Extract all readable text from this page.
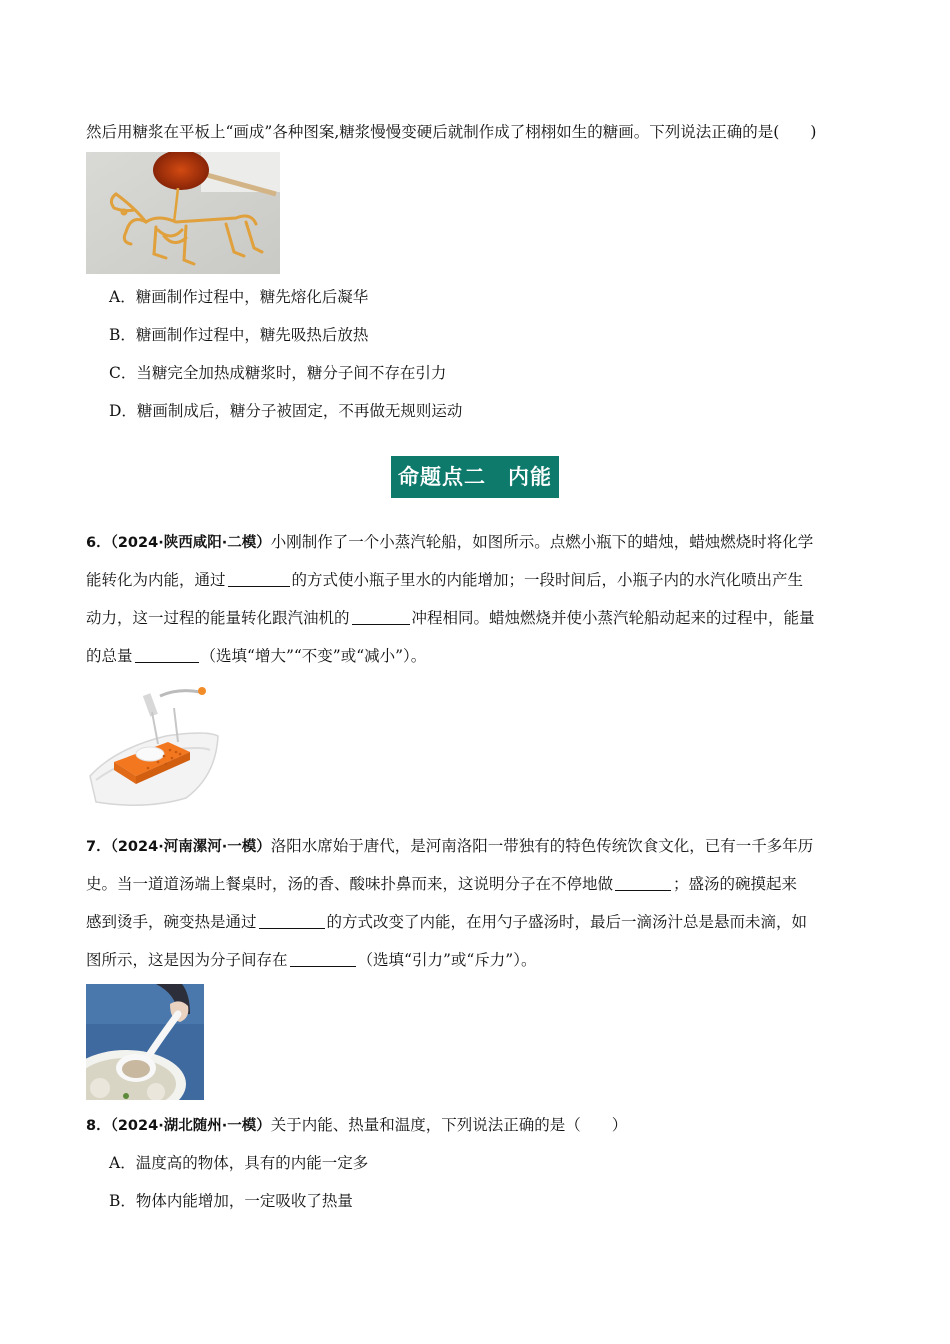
然后用糖浆在平板上“画成”各种图案,糖浆慢慢变硬后就制作成了栩栩如生的糖画。下列说法正确的是(　　)
A．糖画制作过程中，糖先熔化后凝华
B．糖画制作过程中，糖先吸热后放热
C．当糖完全加热成糖浆时，糖分子间不存在引力
D．糖画制成后，糖分子被固定，不再做无规则运动
命题点二　内能
6．（2024·陕西咸阳·二模）小刚制作了一个小蒸汽轮船，如图所示。点燃小瓶下的蜡烛，蜡烛燃烧时将化学
能转化为内能，通过	的方式使小瓶子里水的内能增加；一段时间后，小瓶子内的水汽化喷出产生
动力，这一过程的能量转化跟汽油机的	冲程相同。蜡烛燃烧并使小蒸汽轮船动起来的过程中，能量
的总量	（选填“增大”“不变”或“减小”）。
7．（2024·河南漯河·一模）洛阳水席始于唐代，是河南洛阳一带独有的特色传统饮食文化，已有一千多年历
史。当一道道汤端上餐桌时，汤的香、酸味扑鼻而来，这说明分子在不停地做	；盛汤的碗摸起来
感到烫手，碗变热是通过	的方式改变了内能，在用勺子盛汤时，最后一滴汤汁总是悬而未滴，如
图所示，这是因为分子间存在	（选填“引力”或“斥力”）。
8．（2024·湖北随州·一模）关于内能、热量和温度，下列说法正确的是（　　）
A．温度高的物体，具有的内能一定多
B．物体内能增加，一定吸收了热量
